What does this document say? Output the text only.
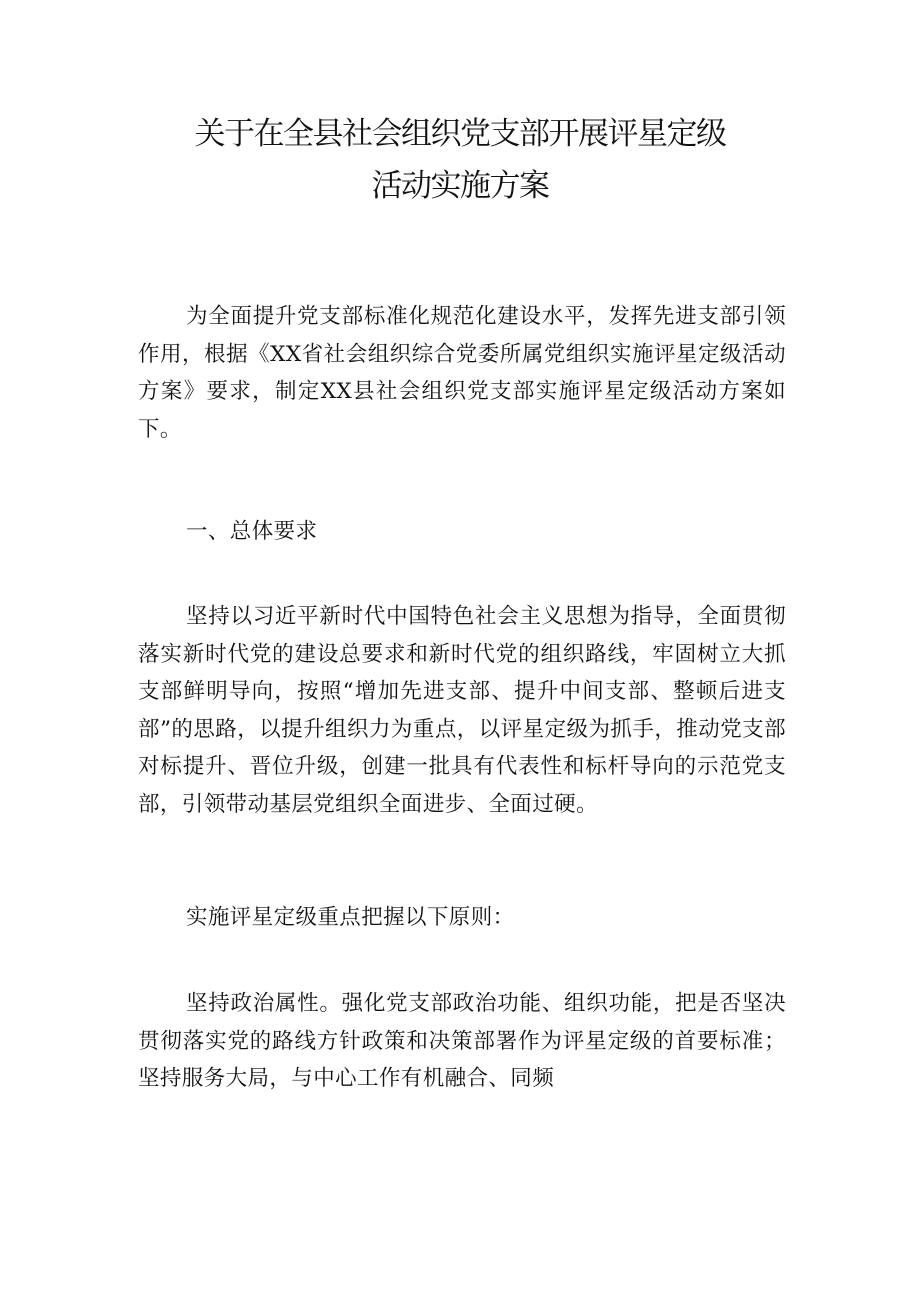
关于在全县社会组织党支部开展评星定级
活动实施方案

为全面提升党支部标准化规范化建设水平，发挥先进支部引领作用，根据《XX省社会组织综合党委所属党组织实施评星定级活动方案》要求，制定XX县社会组织党支部实施评星定级活动方案如下。

一、总体要求

坚持以习近平新时代中国特色社会主义思想为指导，全面贯彻落实新时代党的建设总要求和新时代党的组织路线，牢固树立大抓支部鲜明导向，按照“增加先进支部、提升中间支部、整顿后进支部”的思路，以提升组织力为重点，以评星定级为抓手，推动党支部对标提升、晋位升级，创建一批具有代表性和标杆导向的示范党支部，引领带动基层党组织全面进步、全面过硬。

实施评星定级重点把握以下原则：

坚持政治属性。强化党支部政治功能、组织功能，把是否坚决贯彻落实党的路线方针政策和决策部署作为评星定级的首要标准；坚持服务大局，与中心工作有机融合、同频
